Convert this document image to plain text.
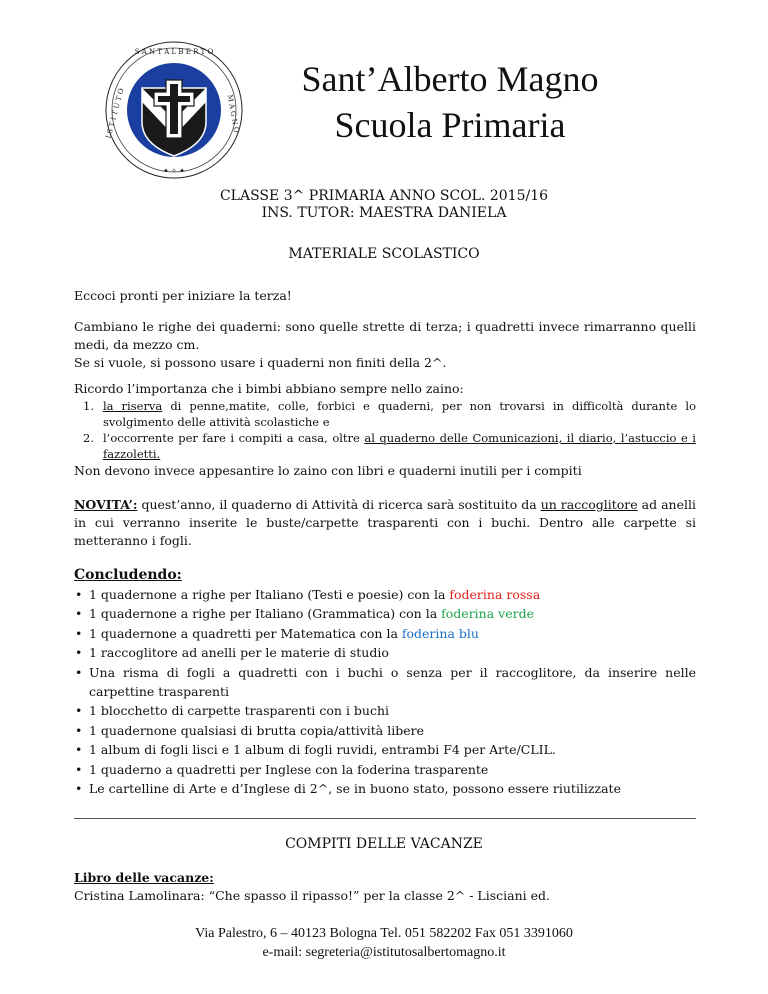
S A N T A L B E R T O
✦ ✧ ✦
I S T I T U T O	M A G N O
Sant’Alberto Magno
Scuola Primaria
CLASSE 3^ PRIMARIA ANNO SCOL. 2015/16
INS. TUTOR: MAESTRA DANIELA
MATERIALE SCOLASTICO
Eccoci pronti per iniziare la terza!
Cambiano le righe dei quaderni: sono quelle strette di terza; i quadretti invece rimarranno quelli medi, da mezzo cm.
Se si vuole, si possono usare i quaderni non finiti della 2^.
Ricordo l’importanza che i bimbi abbiano sempre nello zaino:
1. la riserva di penne,matite, colle, forbici e quaderni, per non trovarsi in difficoltà durante lo svolgimento delle attività scolastiche e
2. l’occorrente per fare i compiti a casa, oltre al quaderno delle Comunicazioni, il diario, l’astuccio e i fazzoletti.
Non devono invece appesantire lo zaino con libri e quaderni inutili per i compiti
NOVITA’: quest’anno, il quaderno di Attività di ricerca sarà sostituito da un raccoglitore ad anelli in cui verranno inserite le buste/carpette trasparenti con i buchi. Dentro alle carpette si metteranno i fogli.
Concludendo:
• 1 quadernone a righe per Italiano (Testi e poesie) con la foderina rossa
• 1 quadernone a righe per Italiano (Grammatica) con la foderina verde
• 1 quadernone a quadretti per Matematica con la foderina blu
• 1 raccoglitore ad anelli per le materie di studio
• Una risma di fogli a quadretti con i buchi o senza per il raccoglitore, da inserire nelle carpettine trasparenti
• 1 blocchetto di carpette trasparenti con i buchi
• 1 quadernone qualsiasi di brutta copia/attività libere
• 1 album di fogli lisci e 1 album di fogli ruvidi, entrambi F4 per Arte/CLIL.
• 1 quaderno a quadretti per Inglese con la foderina trasparente
• Le cartelline di Arte e d’Inglese di 2^, se in buono stato, possono essere riutilizzate
COMPITI DELLE VACANZE
Libro delle vacanze:
Cristina Lamolinara: “Che spasso il ripasso!” per la classe 2^ - Lisciani ed.
Via Palestro, 6 – 40123 Bologna Tel. 051 582202 Fax 051 3391060
e-mail: segreteria@istitutosalbertomagno.it
